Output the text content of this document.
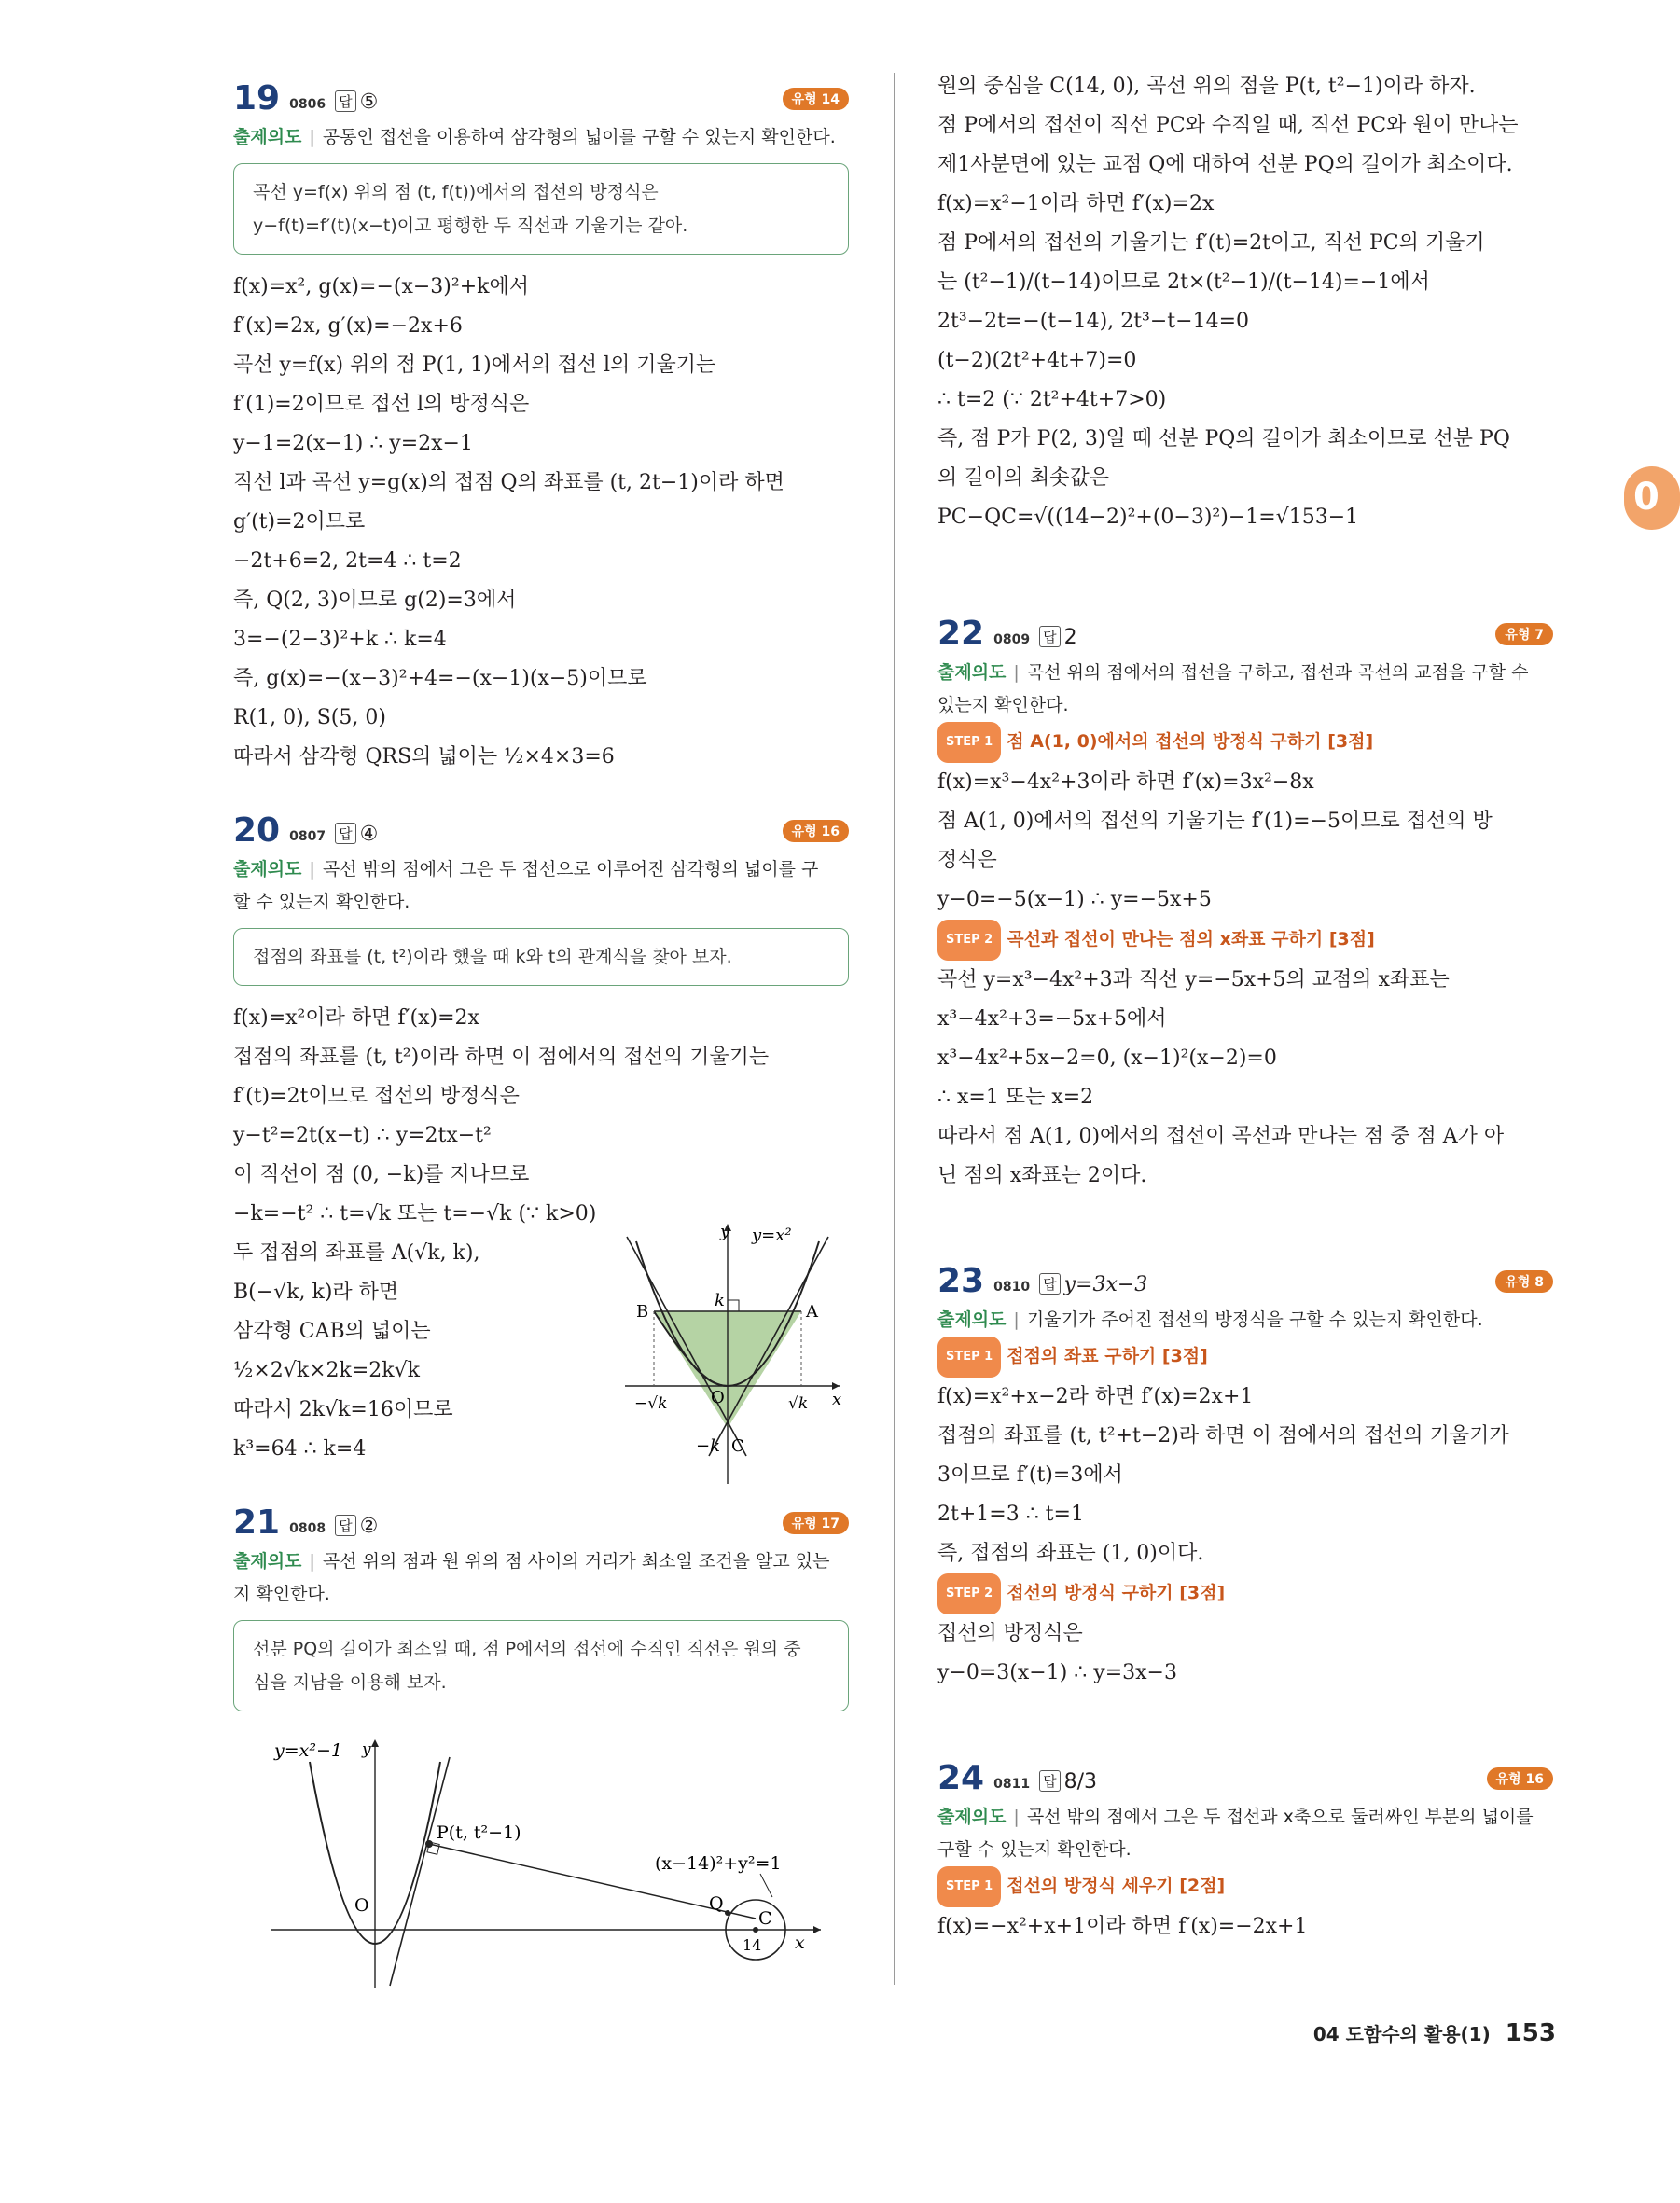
19 0806 답 ⑤	유형 14
출제의도 | 공통인 접선을 이용하여 삼각형의 넓이를 구할 수 있는지 확인한다.
곡선 y=f(x) 위의 점 (t, f(t))에서의 접선의 방정식은
y−f(t)=f′(t)(x−t)이고 평행한 두 직선과 기울기는 같아.
f(x)=x², g(x)=−(x−3)²+k에서
f′(x)=2x, g′(x)=−2x+6
곡선 y=f(x) 위의 점 P(1, 1)에서의 접선 l의 기울기는
f′(1)=2이므로 접선 l의 방정식은
y−1=2(x−1) ∴ y=2x−1
직선 l과 곡선 y=g(x)의 접점 Q의 좌표를 (t, 2t−1)이라 하면
g′(t)=2이므로
−2t+6=2, 2t=4 ∴ t=2
즉, Q(2, 3)이므로 g(2)=3에서
3=−(2−3)²+k ∴ k=4
즉, g(x)=−(x−3)²+4=−(x−1)(x−5)이므로
R(1, 0), S(5, 0)
따라서 삼각형 QRS의 넓이는 ½×4×3=6
20 0807 답 ④	유형 16
출제의도 | 곡선 밖의 점에서 그은 두 접선으로 이루어진 삼각형의 넓이를 구
할 수 있는지 확인한다.
접점의 좌표를 (t, t²)이라 했을 때 k와 t의 관계식을 찾아 보자.
f(x)=x²이라 하면 f′(x)=2x
접점의 좌표를 (t, t²)이라 하면 이 점에서의 접선의 기울기는
f′(t)=2t이므로 접선의 방정식은
y−t²=2t(x−t) ∴ y=2tx−t²
이 직선이 점 (0, −k)를 지나므로
−k=−t² ∴ t=√k 또는 t=−√k (∵ k>0)
두 접점의 좌표를 A(√k, k),
B(−√k, k)라 하면
삼각형 CAB의 넓이는
½×2√k×2k=2k√k
따라서 2k√k=16이므로
k³=64 ∴ k=4
y y=x²
x
O
B	A
k
C
−k
√k
−√k
21 0808 답 ②	유형 17
출제의도 | 곡선 위의 점과 원 위의 점 사이의 거리가 최소일 조건을 알고 있는
지 확인한다.
선분 PQ의 길이가 최소일 때, 점 P에서의 접선에 수직인 직선은 원의 중
심을 지남을 이용해 보자.
y=x²−1 y
O
P(t, t²−1)
(x−14)²+y²=1
Q
C
14 x
원의 중심을 C(14, 0), 곡선 위의 점을 P(t, t²−1)이라 하자.
점 P에서의 접선이 직선 PC와 수직일 때, 직선 PC와 원이 만나는
제1사분면에 있는 교점 Q에 대하여 선분 PQ의 길이가 최소이다.
f(x)=x²−1이라 하면 f′(x)=2x
점 P에서의 접선의 기울기는 f′(t)=2t이고, 직선 PC의 기울기
는 (t²−1)/(t−14)이므로 2t×(t²−1)/(t−14)=−1에서
2t³−2t=−(t−14), 2t³−t−14=0
(t−2)(2t²+4t+7)=0
∴ t=2 (∵ 2t²+4t+7>0)
즉, 점 P가 P(2, 3)일 때 선분 PQ의 길이가 최소이므로 선분 PQ
의 길이의 최솟값은
PC−QC=√((14−2)²+(0−3)²)−1=√153−1
22 0809 답 2	유형 7
출제의도 | 곡선 위의 점에서의 접선을 구하고, 접선과 곡선의 교점을 구할 수
있는지 확인한다.
STEP 1 점 A(1, 0)에서의 접선의 방정식 구하기 [3점]
f(x)=x³−4x²+3이라 하면 f′(x)=3x²−8x
점 A(1, 0)에서의 접선의 기울기는 f′(1)=−5이므로 접선의 방
정식은
y−0=−5(x−1) ∴ y=−5x+5
STEP 2 곡선과 접선이 만나는 점의 x좌표 구하기 [3점]
곡선 y=x³−4x²+3과 직선 y=−5x+5의 교점의 x좌표는
x³−4x²+3=−5x+5에서
x³−4x²+5x−2=0, (x−1)²(x−2)=0
∴ x=1 또는 x=2
따라서 점 A(1, 0)에서의 접선이 곡선과 만나는 점 중 점 A가 아
닌 점의 x좌표는 2이다.
23 0810 답 y=3x−3	유형 8
출제의도 | 기울기가 주어진 접선의 방정식을 구할 수 있는지 확인한다.
STEP 1 접점의 좌표 구하기 [3점]
f(x)=x²+x−2라 하면 f′(x)=2x+1
접점의 좌표를 (t, t²+t−2)라 하면 이 점에서의 접선의 기울기가
3이므로 f′(t)=3에서
2t+1=3 ∴ t=1
즉, 접점의 좌표는 (1, 0)이다.
STEP 2 접선의 방정식 구하기 [3점]
접선의 방정식은
y−0=3(x−1) ∴ y=3x−3
24 0811 답 8/3	유형 16
출제의도 | 곡선 밖의 점에서 그은 두 접선과 x축으로 둘러싸인 부분의 넓이를
구할 수 있는지 확인한다.
STEP 1 접선의 방정식 세우기 [2점]
f(x)=−x²+x+1이라 하면 f′(x)=−2x+1
0
04 도함수의 활용(1) 153
